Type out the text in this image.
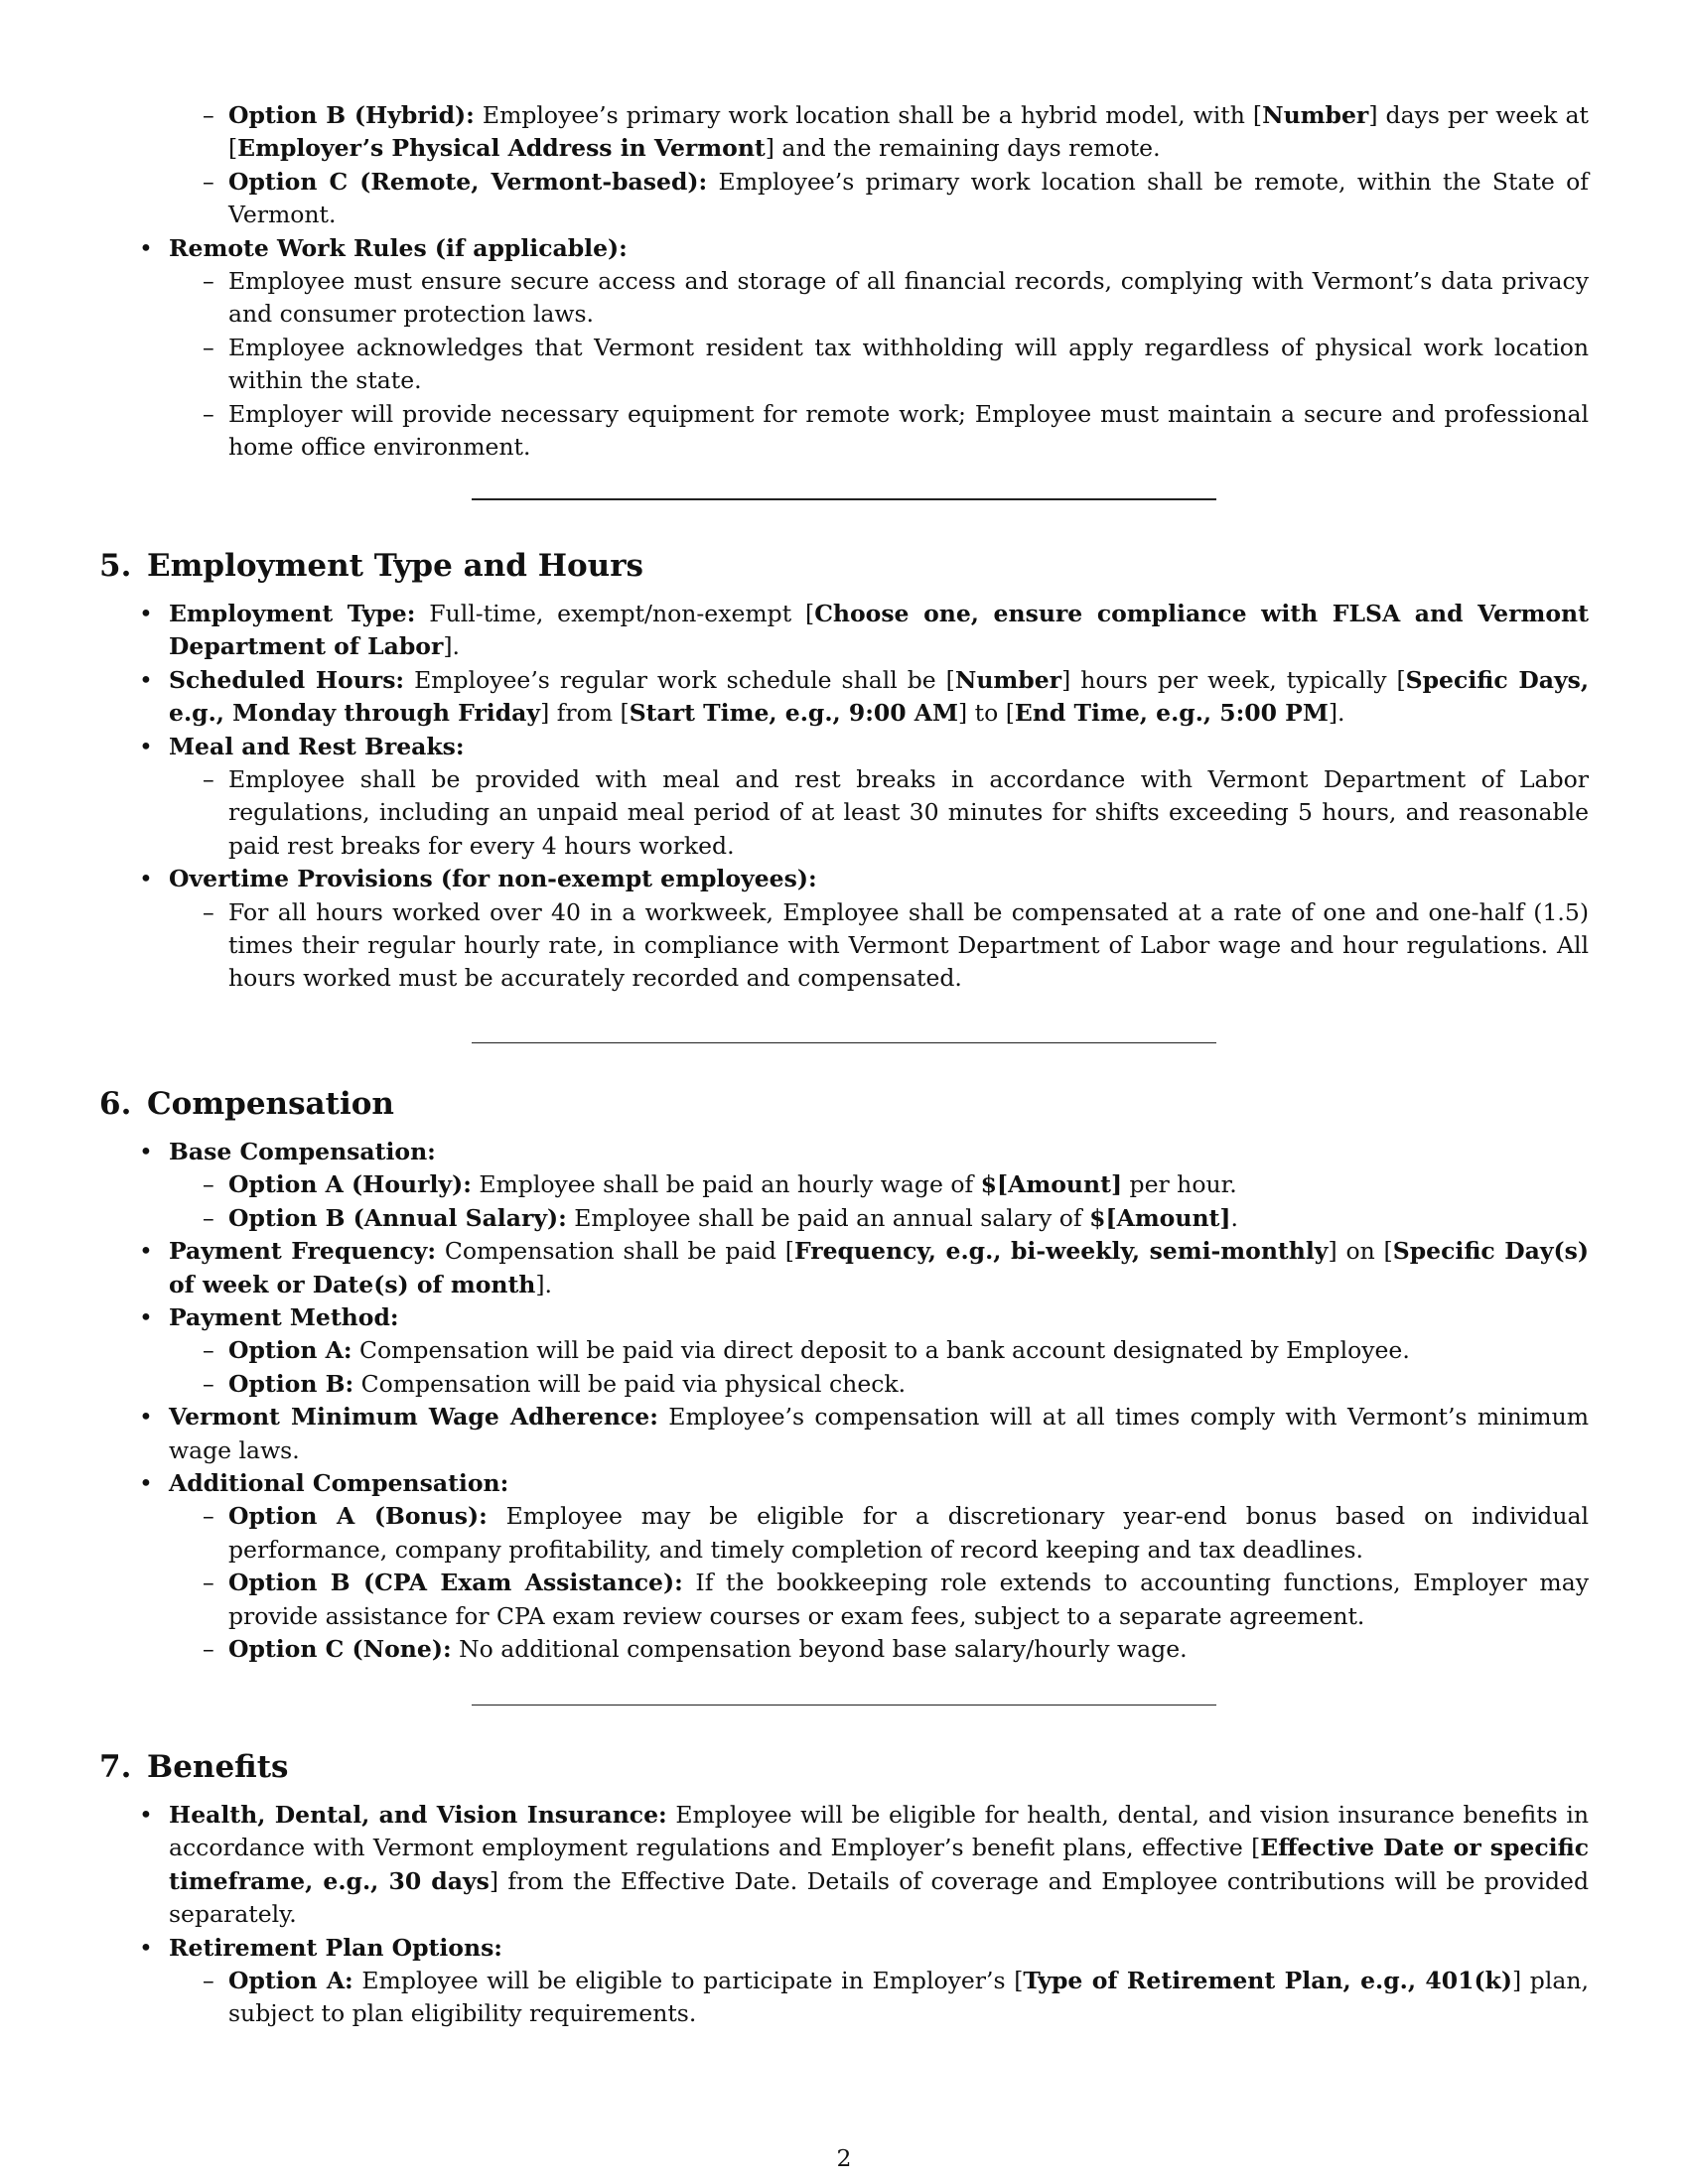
– Option B (Hybrid): Employee’s primary work location shall be a hybrid model, with [Number] days per week at [Employer’s Physical Address in Vermont] and the remaining days remote.
– Option C (Remote, Vermont-based): Employee’s primary work location shall be remote, within the State of Vermont.

• Remote Work Rules (if applicable):

– Employee must ensure secure access and storage of all financial records, complying with Vermont’s data privacy and consumer protection laws.
– Employee acknowledges that Vermont resident tax withholding will apply regardless of physical work location within the state.
– Employer will provide necessary equipment for remote work; Employee must maintain a secure and professional home office environment.
5. Employment Type and Hours

• Employment Type: Full-time, exempt/non-exempt [Choose one, ensure compliance with FLSA and Vermont Department of Labor].

• Scheduled Hours: Employee’s regular work schedule shall be [Number] hours per week, typically [Specific Days, e.g., Monday through Friday] from [Start Time, e.g., 9:00 AM] to [End Time, e.g., 5:00 PM].

• Meal and Rest Breaks:

– Employee shall be provided with meal and rest breaks in accordance with Vermont Department of Labor regulations, including an unpaid meal period of at least 30 minutes for shifts exceeding 5 hours, and reasonable paid rest breaks for every 4 hours worked.

• Overtime Provisions (for non-exempt employees):

– For all hours worked over 40 in a workweek, Employee shall be compensated at a rate of one and one-half (1.5) times their regular hourly rate, in compliance with Vermont Department of Labor wage and hour regulations. All hours worked must be accurately recorded and compensated.
6. Compensation

• Base Compensation:

– Option A (Hourly): Employee shall be paid an hourly wage of $[Amount] per hour.
– Option B (Annual Salary): Employee shall be paid an annual salary of $[Amount].

• Payment Frequency: Compensation shall be paid [Frequency, e.g., bi-weekly, semi-monthly] on [Specific Day(s) of week or Date(s) of month].

• Payment Method:

– Option A: Compensation will be paid via direct deposit to a bank account designated by Employee.
– Option B: Compensation will be paid via physical check.

• Vermont Minimum Wage Adherence: Employee’s compensation will at all times comply with Vermont’s minimum wage laws.

• Additional Compensation:

– Option A (Bonus): Employee may be eligible for a discretionary year-end bonus based on individual performance, company profitability, and timely completion of record keeping and tax deadlines.
– Option B (CPA Exam Assistance): If the bookkeeping role extends to accounting functions, Employer may provide assistance for CPA exam review courses or exam fees, subject to a separate agreement.
– Option C (None): No additional compensation beyond base salary/hourly wage.
7. Benefits

• Health, Dental, and Vision Insurance: Employee will be eligible for health, dental, and vision insurance benefits in accordance with Vermont employment regulations and Employer’s benefit plans, effective [Effective Date or specific timeframe, e.g., 30 days] from the Effective Date. Details of coverage and Employee contributions will be provided separately.

• Retirement Plan Options:

– Option A: Employee will be eligible to participate in Employer’s [Type of Retirement Plan, e.g., 401(k)] plan, subject to plan eligibility requirements.
2
